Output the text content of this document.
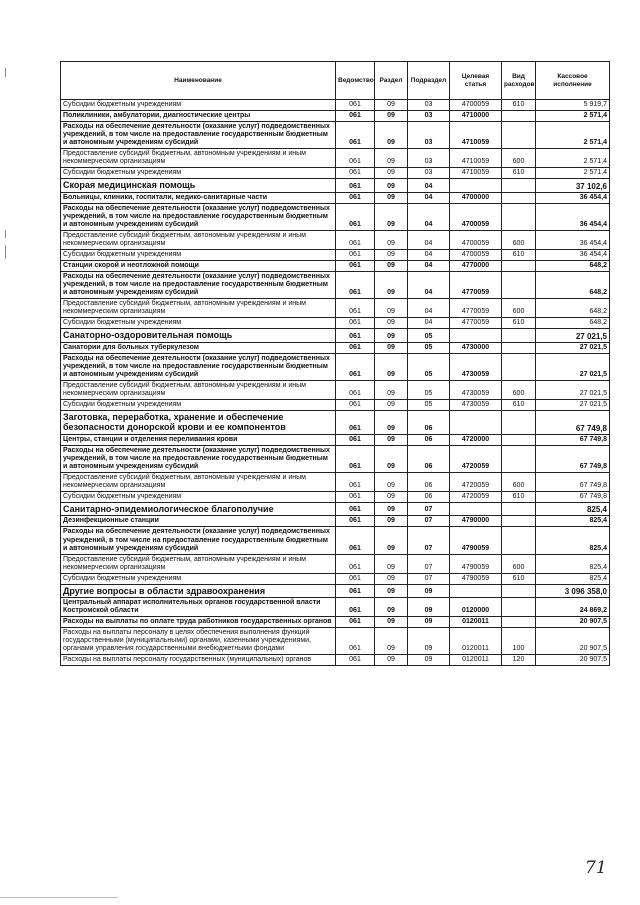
Наименование	Ведомство	Раздел	Подраздел	Целевая статья	Вид расходов	Кассовое исполнение
Субсидии бюджетным учреждениям	061	09	03	4700059	610	5 919,7
Поликлиники, амбулатории, диагностические центры	061	09	03	4710000		2 571,4
Расходы на обеспечение деятельности (оказание услуг) подведомственных учреждений, в том числе на предоставление государственным бюджетным и автономным учреждениям субсидий	061	09	03	4710059		2 571,4
Предоставление субсидий бюджетным, автономным учреждениям и иным некоммерческим организациям	061	09	03	4710059	600	2 571,4
Субсидии бюджетным учреждениям	061	09	03	4710059	610	2 571,4
Скорая медицинская помощь	061	09	04			37 102,6
Больницы, клиники, госпитали, медико-санитарные части	061	09	04	4700000		36 454,4
Расходы на обеспечение деятельности (оказание услуг) подведомственных учреждений, в том числе на предоставление государственным бюджетным и автономным учреждениям субсидий	061	09	04	4700059		36 454,4
Предоставление субсидий бюджетным, автономным учреждениям и иным некоммерческим организациям	061	09	04	4700059	600	36 454,4
Субсидии бюджетным учреждениям	061	09	04	4700059	610	36 454,4
Станции скорой и неотложной помощи	061	09	04	4770000		648,2
Расходы на обеспечение деятельности (оказание услуг) подведомственных учреждений, в том числе на предоставление государственным бюджетным и автономным учреждениям субсидий	061	09	04	4770059		648,2
Предоставление субсидий бюджетным, автономным учреждениям и иным некоммерческим организациям	061	09	04	4770059	600	648,2
Субсидии бюджетным учреждениям	061	09	04	4770059	610	648,2
Санаторно-оздоровительная помощь	061	09	05			27 021,5
Санатории для больных туберкулезом	061	09	05	4730000		27 021,5
Расходы на обеспечение деятельности (оказание услуг) подведомственных учреждений, в том числе на предоставление государственным бюджетным и автономным учреждениям субсидий	061	09	05	4730059		27 021,5
Предоставление субсидий бюджетным, автономным учреждениям и иным некоммерческим организациям	061	09	05	4730059	600	27 021,5
Субсидии бюджетным учреждениям	061	09	05	4730059	610	27 021,5
Заготовка, переработка, хранение и обеспечение безопасности донорской крови и ее компонентов	061	09	06			67 749,8
Центры, станции и отделения переливания крови	061	09	06	4720000		67 749,8
Расходы на обеспечение деятельности (оказание услуг) подведомственных учреждений, в том числе на предоставление государственным бюджетным и автономным учреждениям субсидий	061	09	06	4720059		67 749,8
Предоставление субсидий бюджетным, автономным учреждениям и иным некоммерческим организациям	061	09	06	4720059	600	67 749,8
Субсидии бюджетным учреждениям	061	09	06	4720059	610	67 749,8
Санитарно-эпидемиологическое благополучие	061	09	07			825,4
Дезинфекционные станции	061	09	07	4790000		825,4
Расходы на обеспечение деятельности (оказание услуг) подведомственных учреждений, в том числе на предоставление государственным бюджетным и автономным учреждениям субсидий	061	09	07	4790059		825,4
Предоставление субсидий бюджетным, автономным учреждениям и иным некоммерческим организациям	061	09	07	4790059	600	825,4
Субсидии бюджетным учреждениям	061	09	07	4790059	610	825,4
Другие вопросы в области здравоохранения	061	09	09			3 096 358,0
Центральный аппарат исполнительных органов государственной власти Костромской области	061	09	09	0120000		24 869,2
Расходы на выплаты по оплате труда работников государственных органов	061	09	09	0120011		20 907,5
Расходы на выплаты персоналу в целях обеспечения выполнения функций государственными (муниципальными) органами, казенными учреждениями, органами управления государственными внебюджетными фондами	061	09	09	0120011	100	20 907,5
Расходы на выплаты персоналу государственных (муниципальных) органов	061	09	09	0120011	120	20 907,5
71
